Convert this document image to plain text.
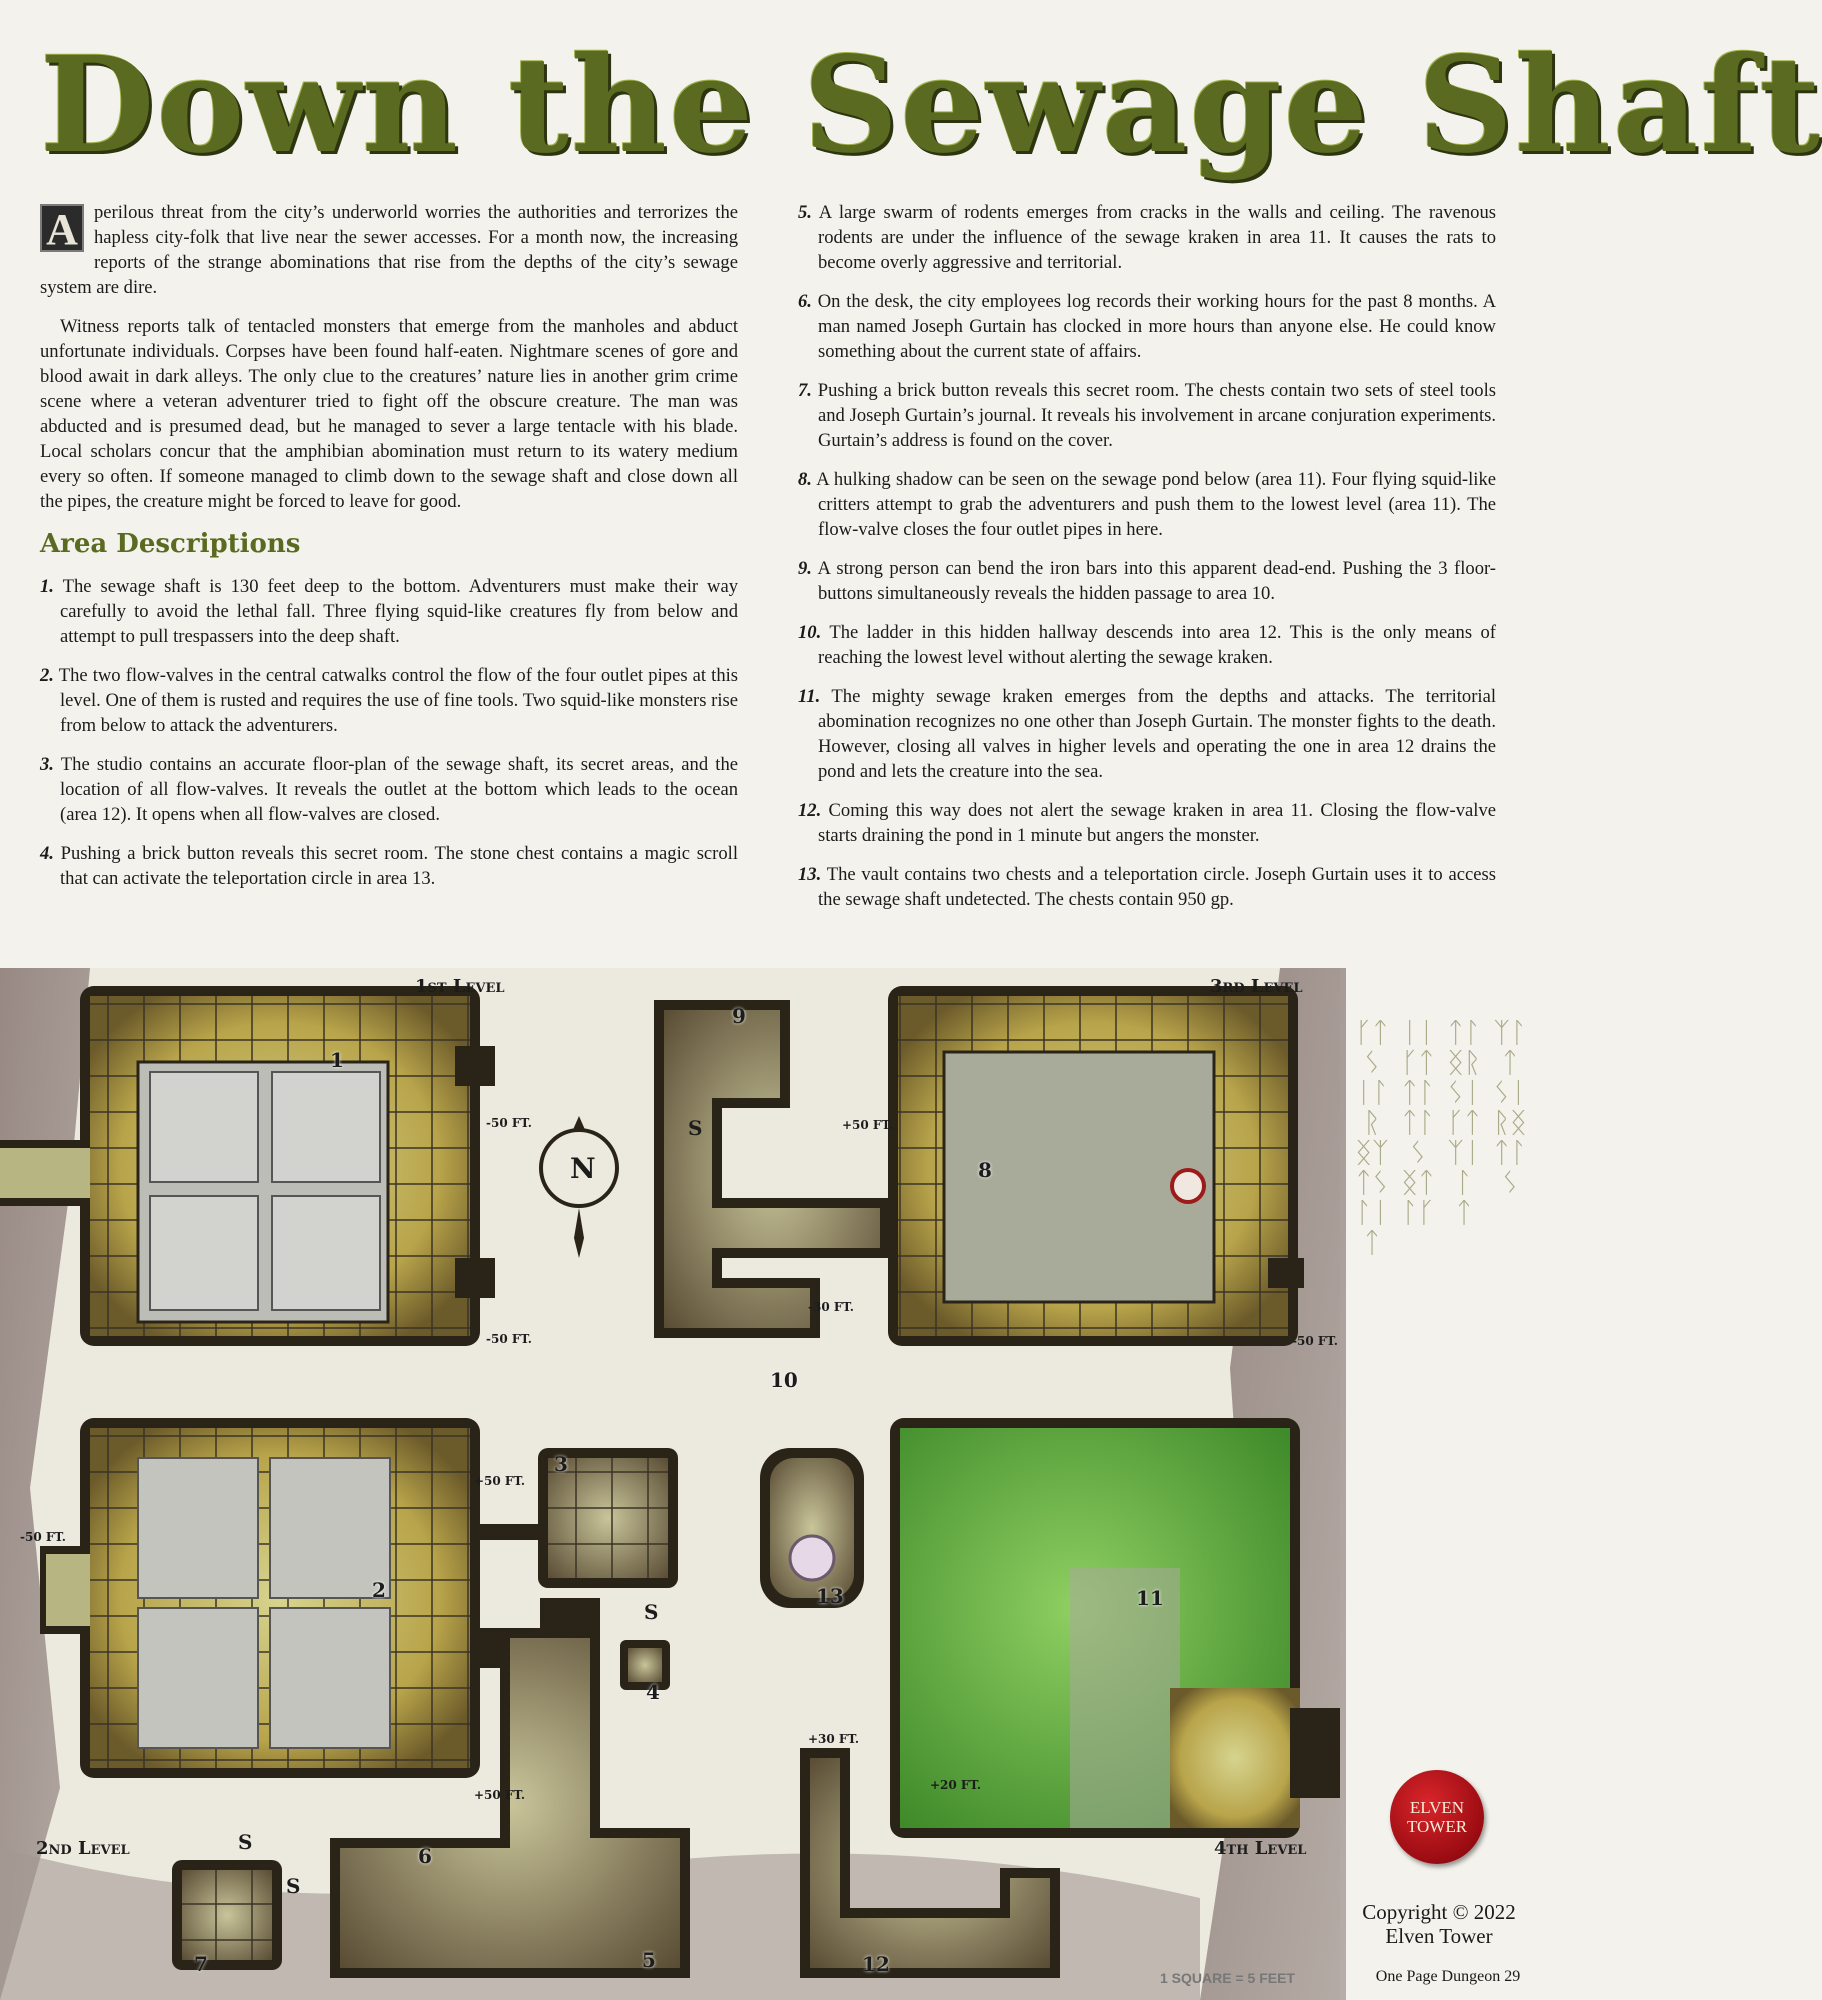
Down the Sewage Shaft

A perilous threat from the city’s underworld worries the authorities and terrorizes the hapless city-folk that live near the sewer accesses. For a month now, the increasing reports of the strange abominations that rise from the depths of the city’s sewage system are dire.

Witness reports talk of tentacled monsters that emerge from the manholes and abduct unfortunate individuals. Corpses have been found half-eaten. Nightmare scenes of gore and blood await in dark alleys. The only clue to the creatures’ nature lies in another grim crime scene where a veteran adventurer tried to fight off the obscure creature. The man was abducted and is presumed dead, but he managed to sever a large tentacle with his blade. Local scholars concur that the amphibian abomination must return to its watery medium every so often. If someone managed to climb down to the sewage shaft and close down all the pipes, the creature might be forced to leave for good.

Area Descriptions

1. The sewage shaft is 130 feet deep to the bottom. Adventurers must make their way carefully to avoid the lethal fall. Three flying squid-like creatures fly from below and attempt to pull trespassers into the deep shaft.

2. The two flow-valves in the central catwalks control the flow of the four outlet pipes at this level. One of them is rusted and requires the use of fine tools. Two squid-like monsters rise from below to attack the adventurers.

3. The studio contains an accurate floor-plan of the sewage shaft, its secret areas, and the location of all flow-valves. It reveals the outlet at the bottom which leads to the ocean (area 12). It opens when all flow-valves are closed.

4. Pushing a brick button reveals this secret room. The stone chest contains a magic scroll that can activate the teleportation circle in area 13.

5. A large swarm of rodents emerges from cracks in the walls and ceiling. The ravenous rodents are under the influence of the sewage kraken in area 11. It causes the rats to become overly aggressive and territorial.

6. On the desk, the city employees log records their working hours for the past 8 months. A man named Joseph Gurtain has clocked in more hours than anyone else. He could know something about the current state of affairs.

7. Pushing a brick button reveals this secret room. The chests contain two sets of steel tools and Joseph Gurtain’s journal. It reveals his involvement in arcane conjuration experiments. Gurtain’s address is found on the cover.

8. A hulking shadow can be seen on the sewage pond below (area 11). Four flying squid-like critters attempt to grab the adventurers and push them to the lowest level (area 11). The flow-valve closes the four outlet pipes in here.

9. A strong person can bend the iron bars into this apparent dead-end. Pushing the 3 floor-buttons simultaneously reveals the hidden passage to area 10.

10. The ladder in this hidden hallway descends into area 12. This is the only means of reaching the lowest level without alerting the sewage kraken.

11. The mighty sewage kraken emerges from the depths and attacks. The territorial abomination recognizes no one other than Joseph Gurtain. The monster fights to the death. However, closing all valves in higher levels and operating the one in area 12 drains the pond and lets the creature into the sea.

12. Coming this way does not alert the sewage kraken in area 11. Closing the flow-valve starts draining the pond in 1 minute but angers the monster.

13. The vault contains two chests and a teleportation circle. Joseph Gurtain uses it to access the sewage shaft undetected. The chests contain 950 gp.

1st Level	3rd Level
2nd Level	4th Level
1
9
10
8
2
3
4
5
6
7
13	11
12
-50 FT.
-50 FT.
+50 FT.
-50 FT.
-30 FT.
+50 FT.
-50 FT.
+50 FT.
+30 FT.
+20 FT.
S
S
S
S
N
ᚴᛏᛊ ᛁᛚᚱ ᛝᛉᛏᛊᛚᛁᛏ
ᛁᛁᚴᛏᛏᛚᛏᛚᛊ ᛝᛏᛚᚴ
ᛏᛚᛝᚱ ᛊᛁᚴᛏᛉᛁᛚ ᛏ
ᛉᛚᛏ ᛊᛁᚱᛝᛏᛚᛊ
ELVEN
TOWER
Copyright © 2022
Elven Tower
1 SQUARE = 5 FEET	One Page Dungeon 29
